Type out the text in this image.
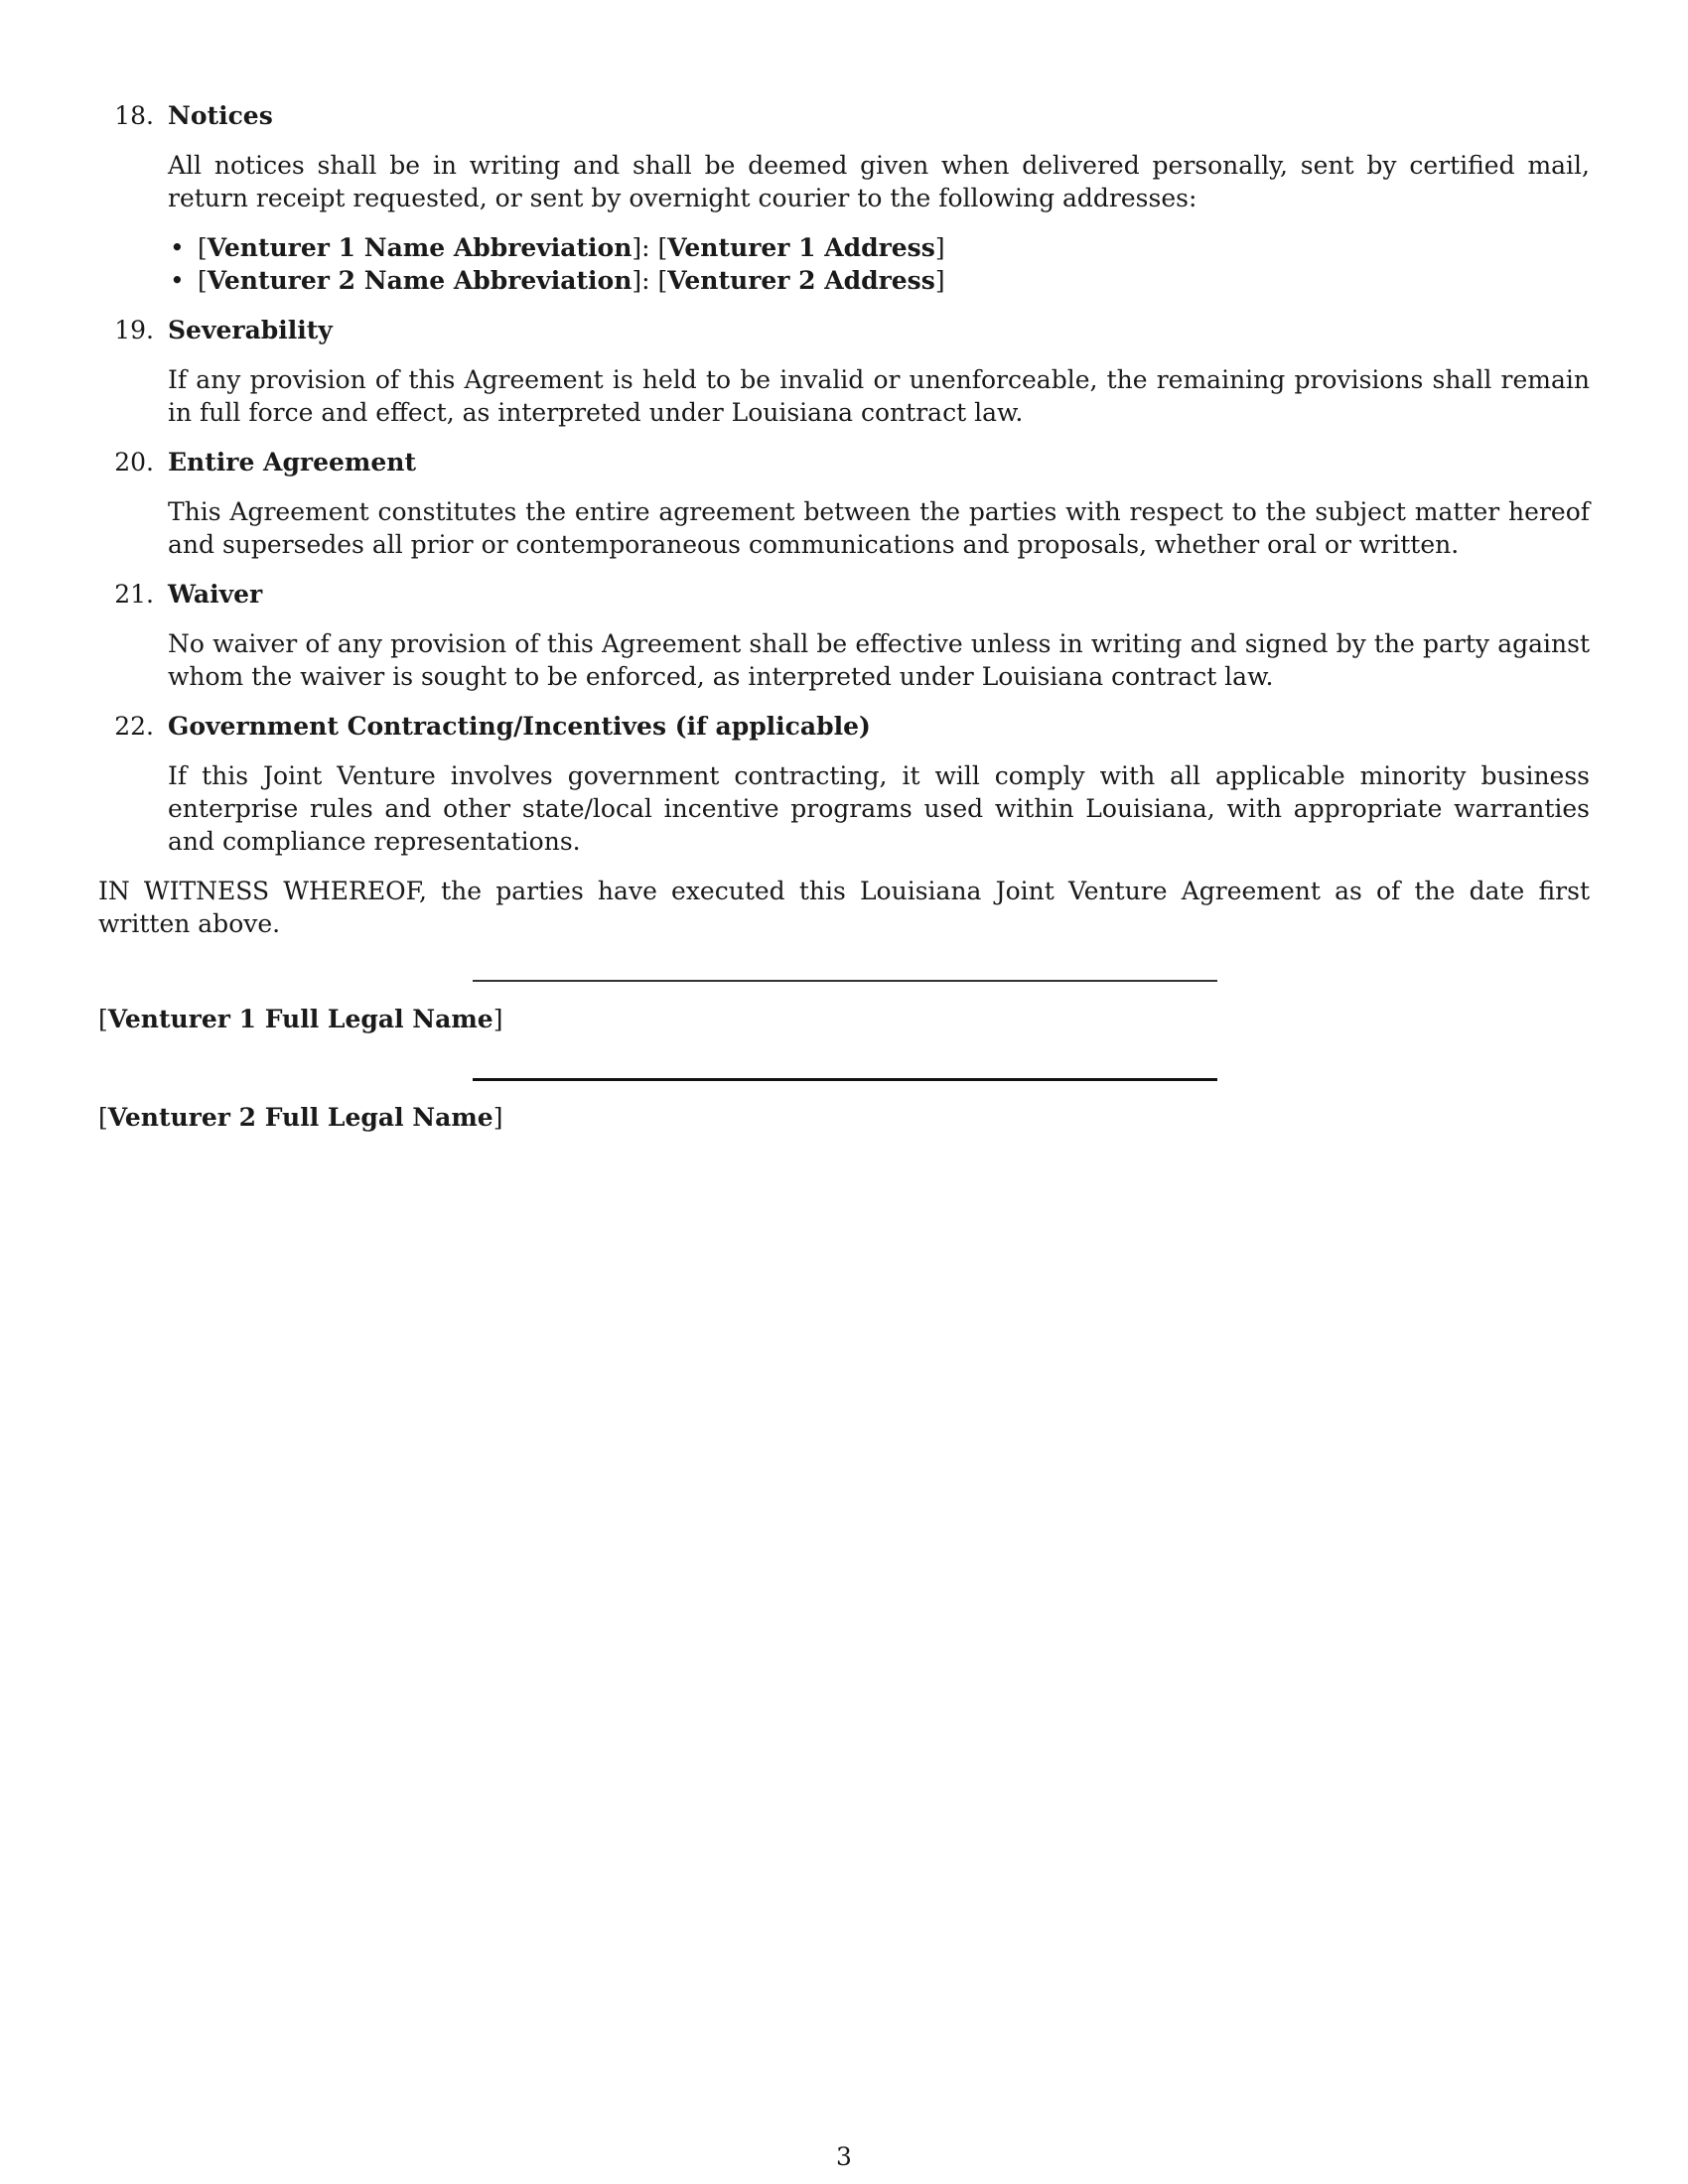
18. Notices
All notices shall be in writing and shall be deemed given when delivered personally, sent by certified mail, return receipt requested, or sent by overnight courier to the following addresses:
• [Venturer 1 Name Abbreviation]: [Venturer 1 Address]
• [Venturer 2 Name Abbreviation]: [Venturer 2 Address]
19. Severability
If any provision of this Agreement is held to be invalid or unenforceable, the remaining provisions shall remain in full force and effect, as interpreted under Louisiana contract law.
20. Entire Agreement
This Agreement constitutes the entire agreement between the parties with respect to the subject matter hereof and supersedes all prior or contemporaneous communications and proposals, whether oral or written.
21. Waiver
No waiver of any provision of this Agreement shall be effective unless in writing and signed by the party against whom the waiver is sought to be enforced, as interpreted under Louisiana contract law.
22. Government Contracting/Incentives (if applicable)
If this Joint Venture involves government contracting, it will comply with all applicable minority business enterprise rules and other state/local incentive programs used within Louisiana, with appropriate warranties and compliance representations.
IN WITNESS WHEREOF, the parties have executed this Louisiana Joint Venture Agreement as of the date first written above.
[Venturer 1 Full Legal Name]
[Venturer 2 Full Legal Name]
3
